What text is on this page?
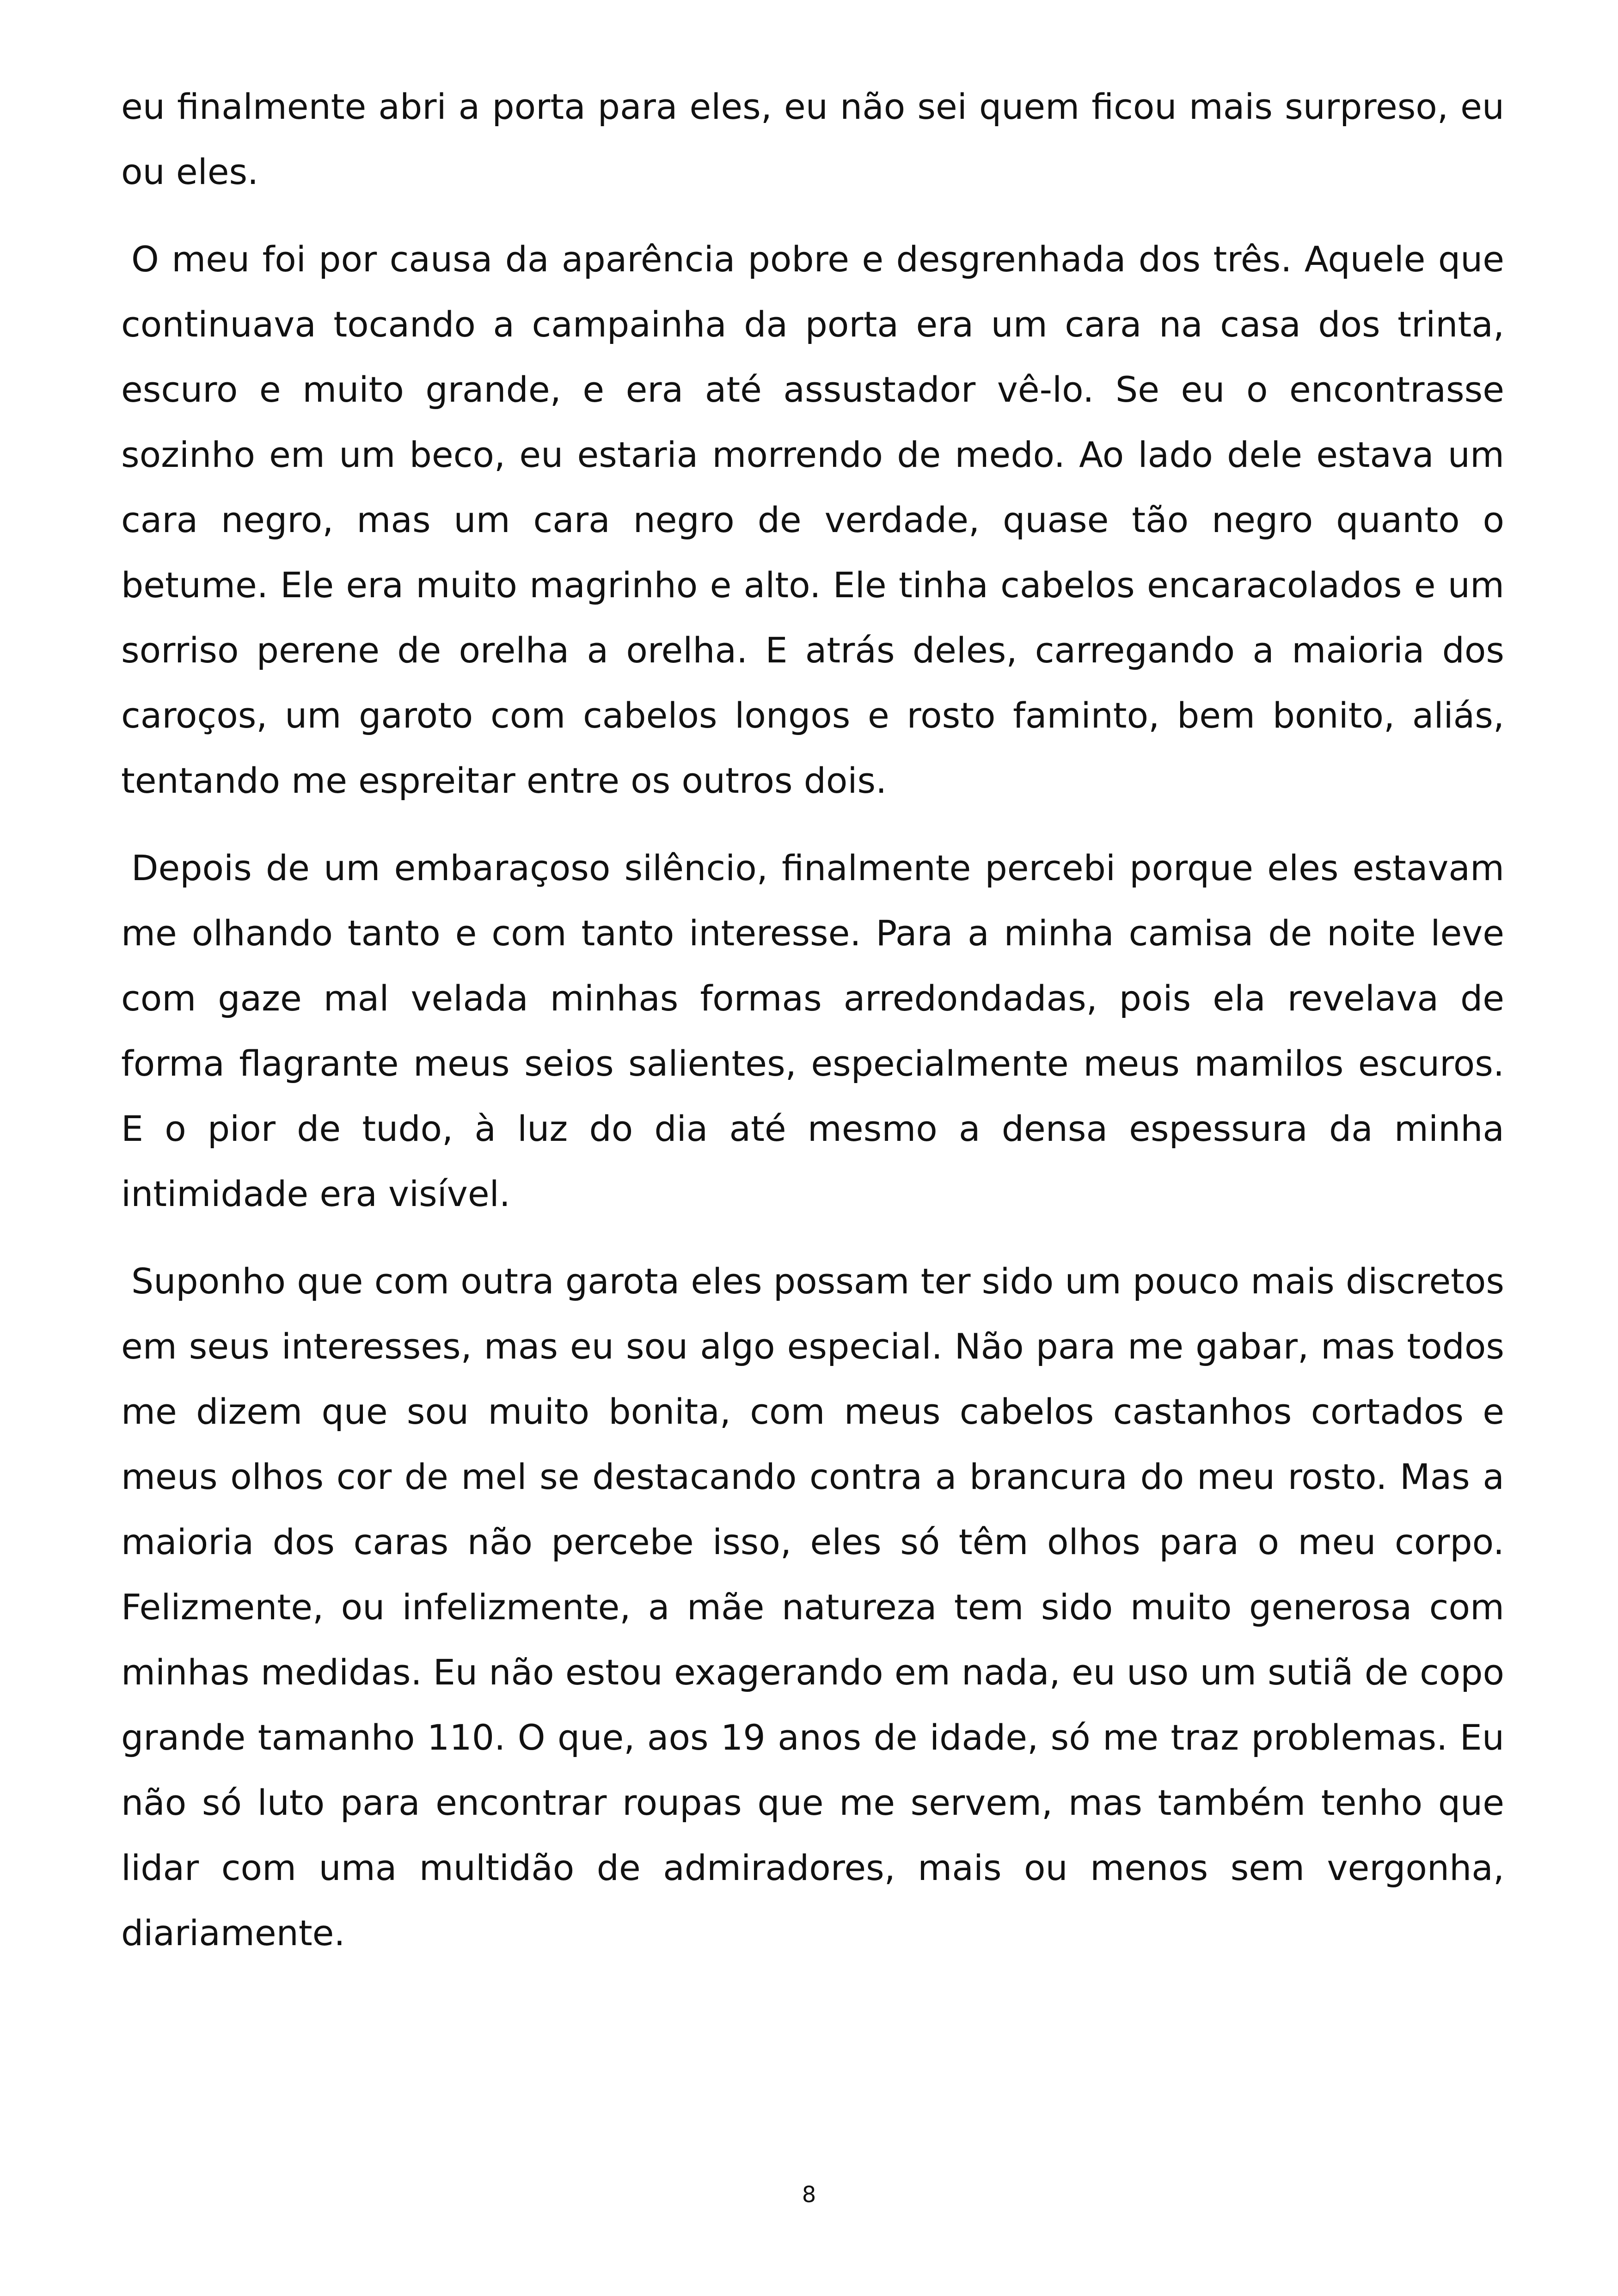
eu finalmente abri a porta para eles, eu não sei quem ficou mais surpreso, eu ou eles.

O meu foi por causa da aparência pobre e desgrenhada dos três. Aquele que continuava tocando a campainha da porta era um cara na casa dos trinta, escuro e muito grande, e era até assustador vê-lo. Se eu o encontrasse sozinho em um beco, eu estaria morrendo de medo. Ao lado dele estava um cara negro, mas um cara negro de verdade, quase tão negro quanto o betume. Ele era muito magrinho e alto. Ele tinha cabelos encaracolados e um sorriso perene de orelha a orelha. E atrás deles, carregando a maioria dos caroços, um garoto com cabelos longos e rosto faminto, bem bonito, aliás, tentando me espreitar entre os outros dois.

Depois de um embaraçoso silêncio, finalmente percebi porque eles estavam me olhando tanto e com tanto interesse. Para a minha camisa de noite leve com gaze mal velada minhas formas arredondadas, pois ela revelava de forma flagrante meus seios salientes, especialmente meus mamilos escuros. E o pior de tudo, à luz do dia até mesmo a densa espessura da minha intimidade era visível.

Suponho que com outra garota eles possam ter sido um pouco mais discretos em seus interesses, mas eu sou algo especial. Não para me gabar, mas todos me dizem que sou muito bonita, com meus cabelos castanhos cortados e meus olhos cor de mel se destacando contra a brancura do meu rosto. Mas a maioria dos caras não percebe isso, eles só têm olhos para o meu corpo. Felizmente, ou infelizmente, a mãe natureza tem sido muito generosa com minhas medidas. Eu não estou exagerando em nada, eu uso um sutiã de copo grande tamanho 110. O que, aos 19 anos de idade, só me traz problemas. Eu não só luto para encontrar roupas que me servem, mas também tenho que lidar com uma multidão de admiradores, mais ou menos sem vergonha, diariamente.

8
